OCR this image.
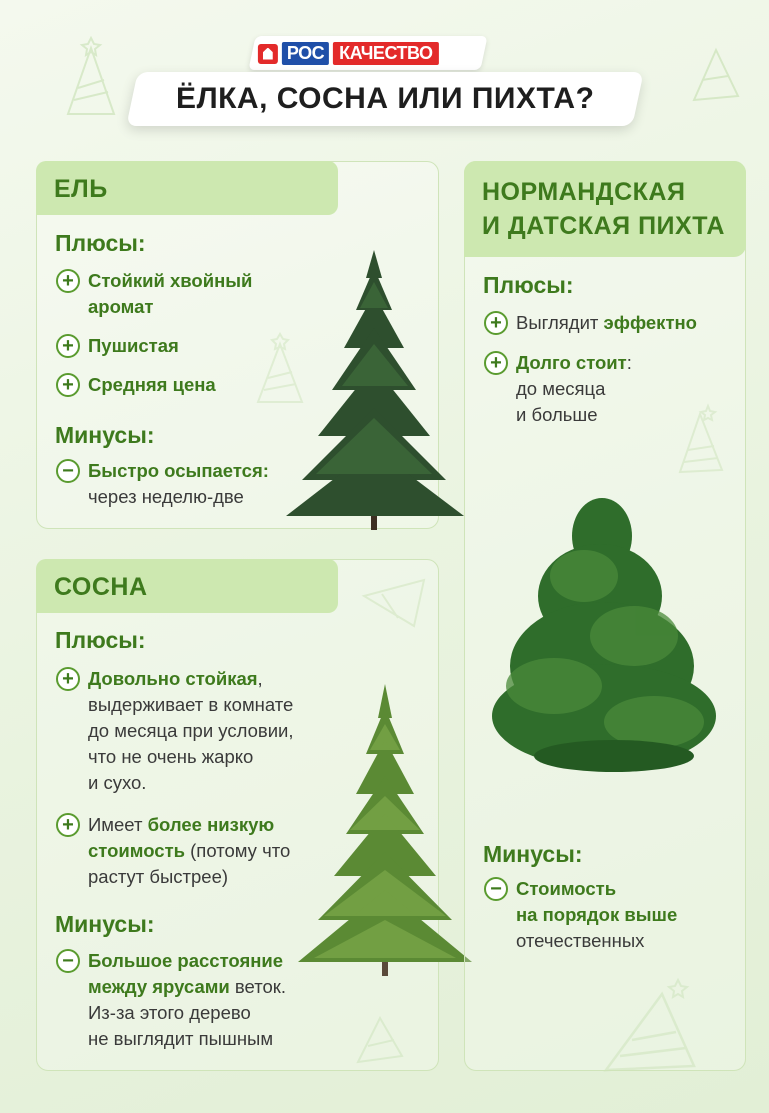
РОС КАЧЕСТВО
ЁЛКА, СОСНА ИЛИ ПИХТА?
ЕЛЬ
Плюсы:
+ Стойкий хвойный
аромат
+ Пушистая
+ Средняя цена
Минусы:
− Быстро осыпается:
через неделю-две
СОСНА
Плюсы:
+ Довольно стойкая,
выдерживает в комнате
до месяца при условии,
что не очень жарко
и сухо.
+ Имеет более низкую
стоимость (потому что
растут быстрее)
Минусы:
− Большое расстояние
между ярусами веток.
Из-за этого дерево
не выглядит пышным
НОРМАНДСКАЯ
И ДАТСКАЯ ПИХТА
Плюсы:
+ Выглядит эффектно
+ Долго стоит:
до месяца
и больше
Минусы:
− Стоимость
на порядок выше
отечественных
